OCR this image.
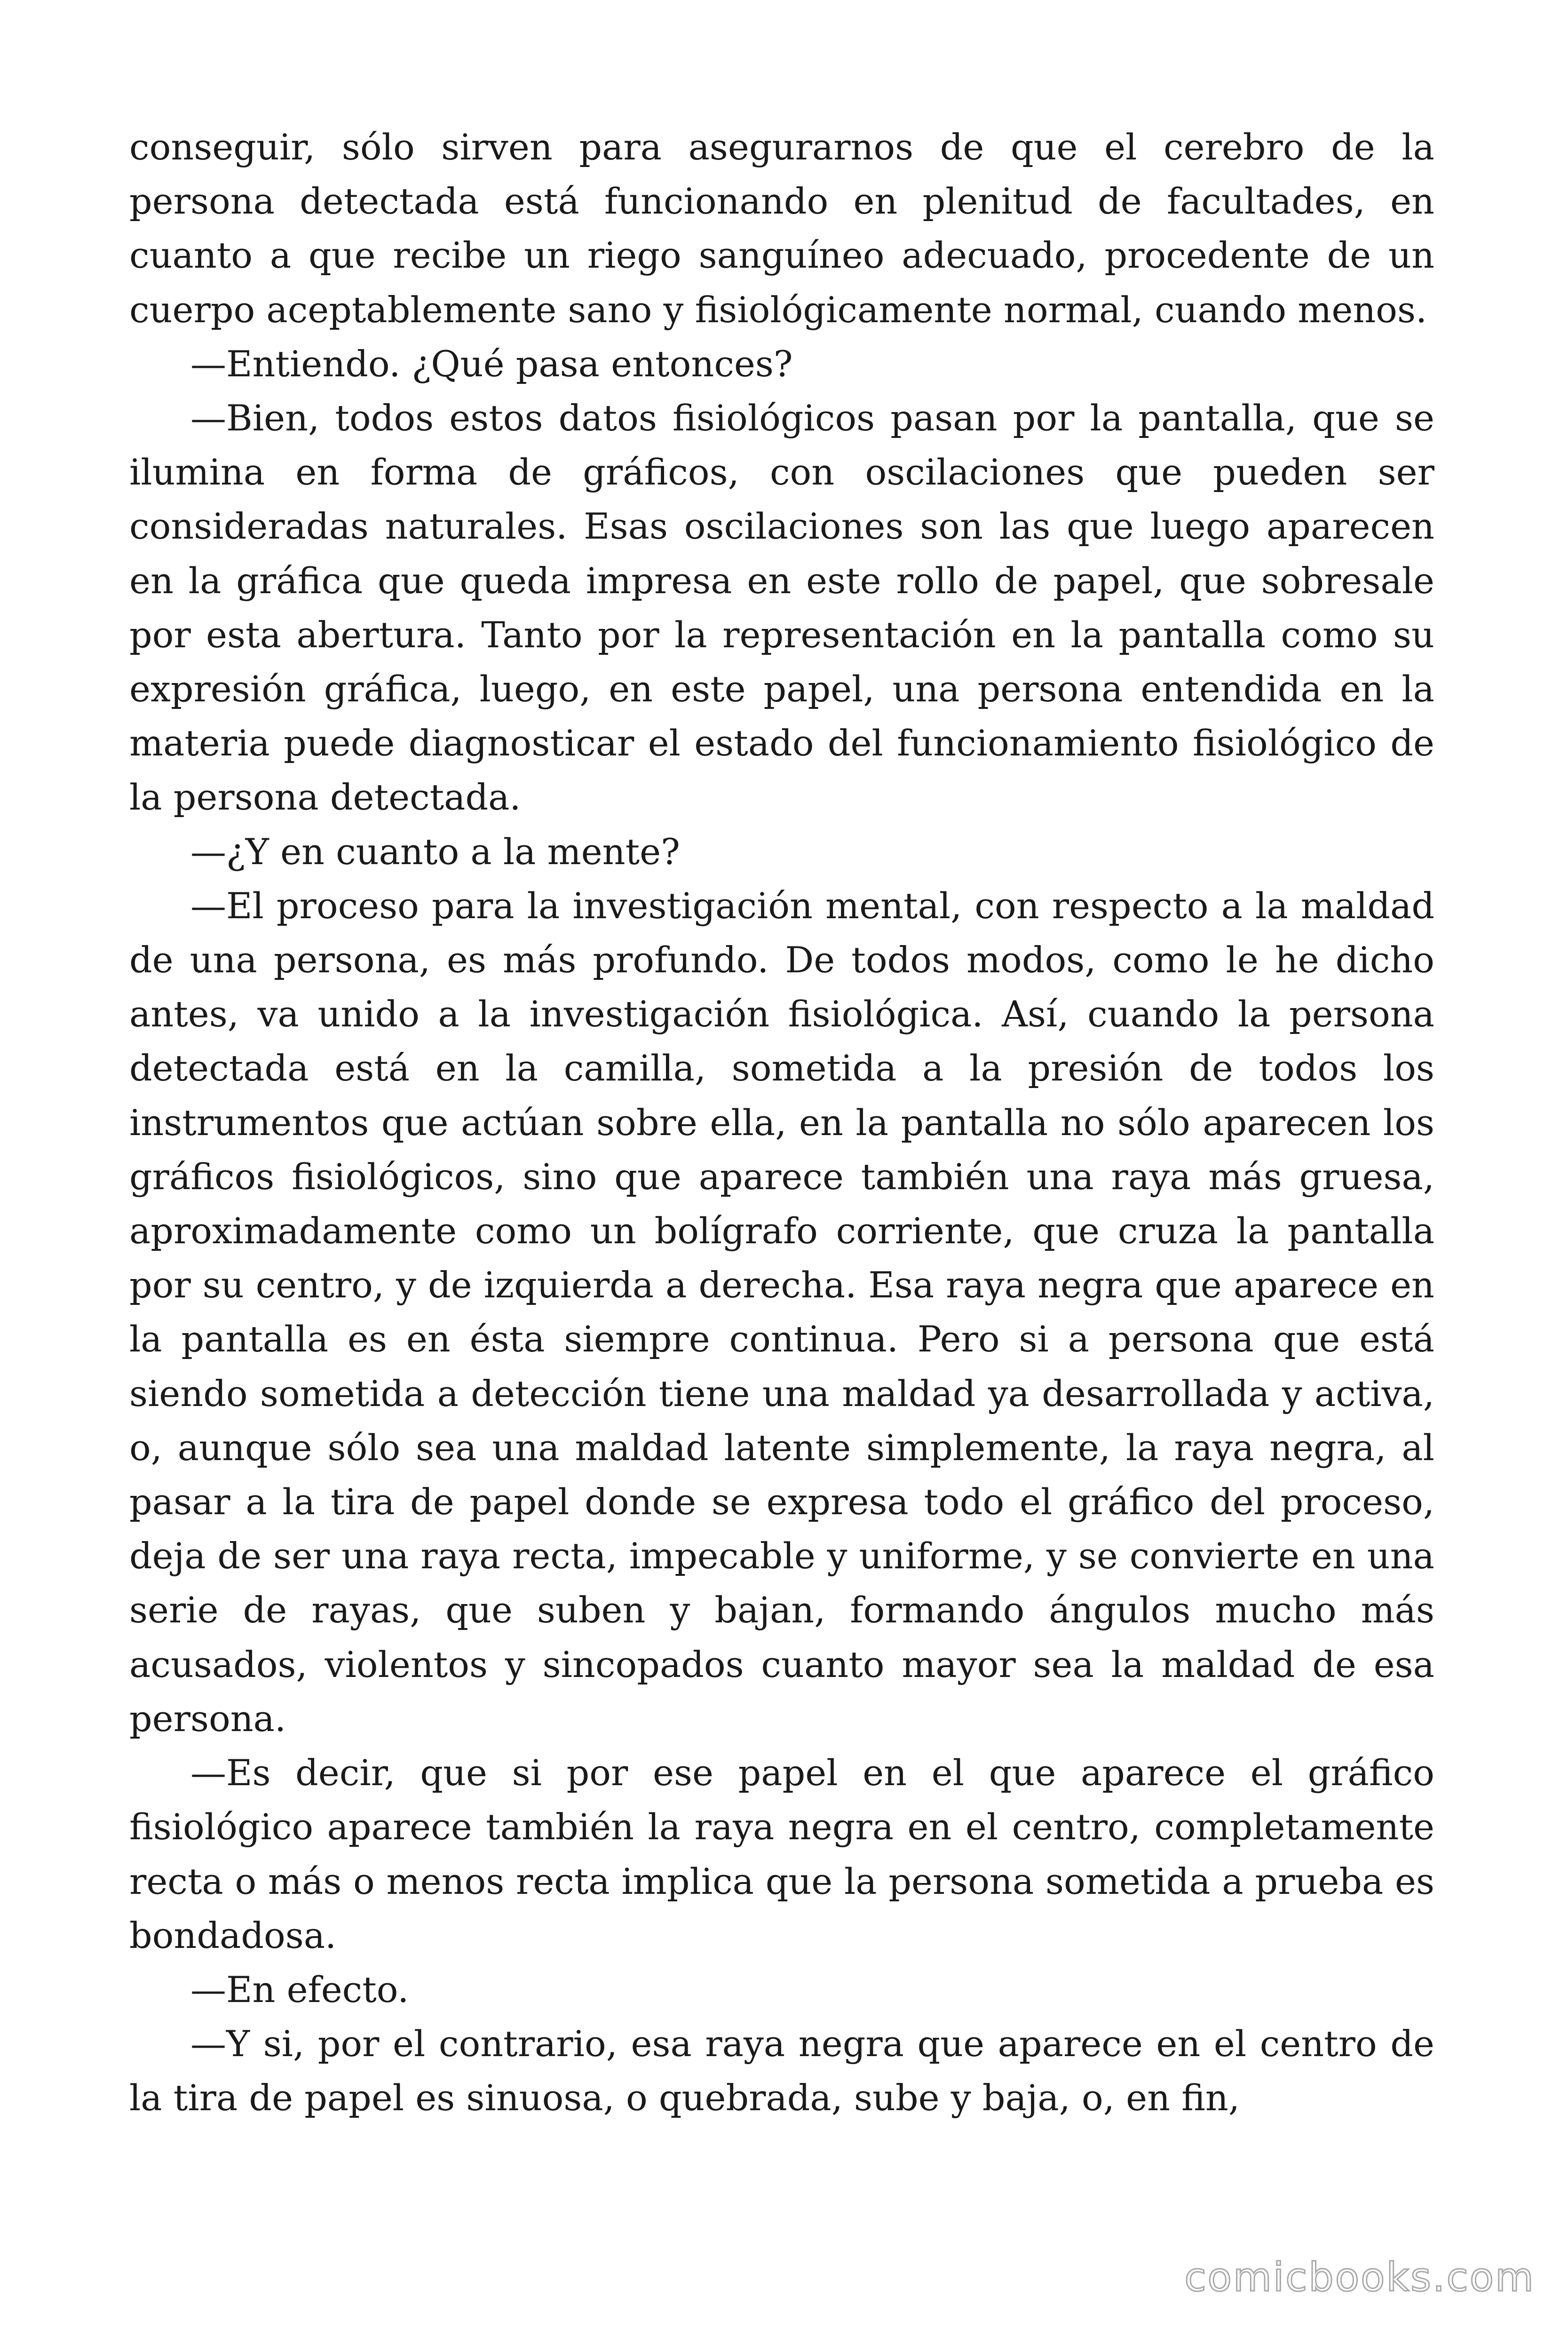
conseguir, sólo sirven para asegurarnos de que el cerebro de la persona detectada está funcionando en plenitud de facultades, en cuanto a que recibe un riego sanguíneo adecuado, procedente de un cuerpo aceptablemente sano y fisiológicamente normal, cuando menos.

—Entiendo. ¿Qué pasa entonces?

—Bien, todos estos datos fisiológicos pasan por la pantalla, que se ilumina en forma de gráficos, con oscilaciones que pueden ser consideradas naturales. Esas oscilaciones son las que luego aparecen en la gráfica que queda impresa en este rollo de papel, que sobresale por esta abertura. Tanto por la representación en la pantalla como su expresión gráfica, luego, en este papel, una persona entendida en la materia puede diagnosticar el estado del funcionamiento fisiológico de la persona detectada.

—¿Y en cuanto a la mente?

—El proceso para la investigación mental, con respecto a la maldad de una persona, es más profundo. De todos modos, como le he dicho antes, va unido a la investigación fisiológica. Así, cuando la persona detectada está en la camilla, sometida a la presión de todos los instrumentos que actúan sobre ella, en la pantalla no sólo aparecen los gráficos fisiológicos, sino que aparece también una raya más gruesa, aproximadamente como un bolígrafo corriente, que cruza la pantalla por su centro, y de izquierda a derecha. Esa raya negra que aparece en la pantalla es en ésta siempre continua. Pero si a persona que está siendo sometida a detección tiene una maldad ya desarrollada y activa, o, aunque sólo sea una maldad latente simplemente, la raya negra, al pasar a la tira de papel donde se expresa todo el gráfico del proceso, deja de ser una raya recta, impecable y uniforme, y se convierte en una serie de rayas, que suben y bajan, formando ángulos mucho más acusados, violentos y sincopados cuanto mayor sea la maldad de esa persona.

—Es decir, que si por ese papel en el que aparece el gráfico fisiológico aparece también la raya negra en el centro, completamente recta o más o menos recta implica que la persona sometida a prueba es bondadosa.

—En efecto.

—Y si, por el contrario, esa raya negra que aparece en el centro de la tira de papel es sinuosa, o quebrada, sube y baja, o, en fin,

comicbooks.com
